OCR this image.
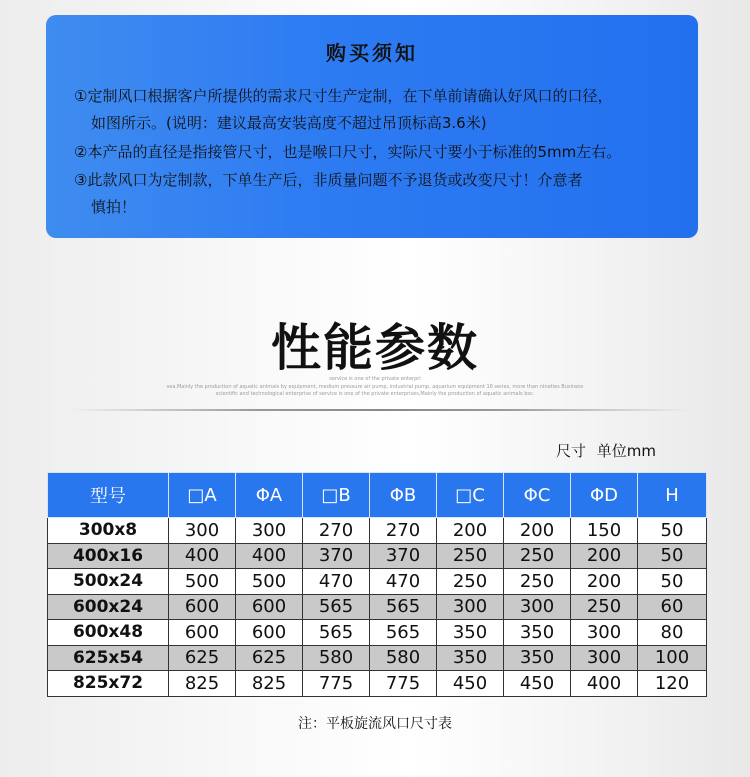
购买须知
①定制风口根据客户所提供的需求尺寸生产定制，在下单前请确认好风口的口径，
如图所示。(说明：建议最高安装高度不超过吊顶标高3.6米)
②本产品的直径是指接管尺寸，也是喉口尺寸，实际尺寸要小于标准的5mm左右。
③此款风口为定制款，下单生产后，非质量问题不予退货或改变尺寸！介意者
慎拍！
性能参数
service is one of the private enterpri
sea,Mainly the production of aquatic animals by equipment, medium pressure air pump, industrial pump, aquarium equipment 10 series, more than nineties Business
scientific and technological enterprise of service is one of the private enterprises,Mainly the production of aquatic animals bsc.
尺寸 单位mm
型号	□A	ΦA	□B	ΦB	□C	ΦC	ΦD	H
300x8	300	300	270	270	200	200	150	50
400x16	400	400	370	370	250	250	200	50
500x24	500	500	470	470	250	250	200	50
600x24	600	600	565	565	300	300	250	60
600x48	600	600	565	565	350	350	300	80
625x54	625	625	580	580	350	350	300	100
825x72	825	825	775	775	450	450	400	120
注：平板旋流风口尺寸表
